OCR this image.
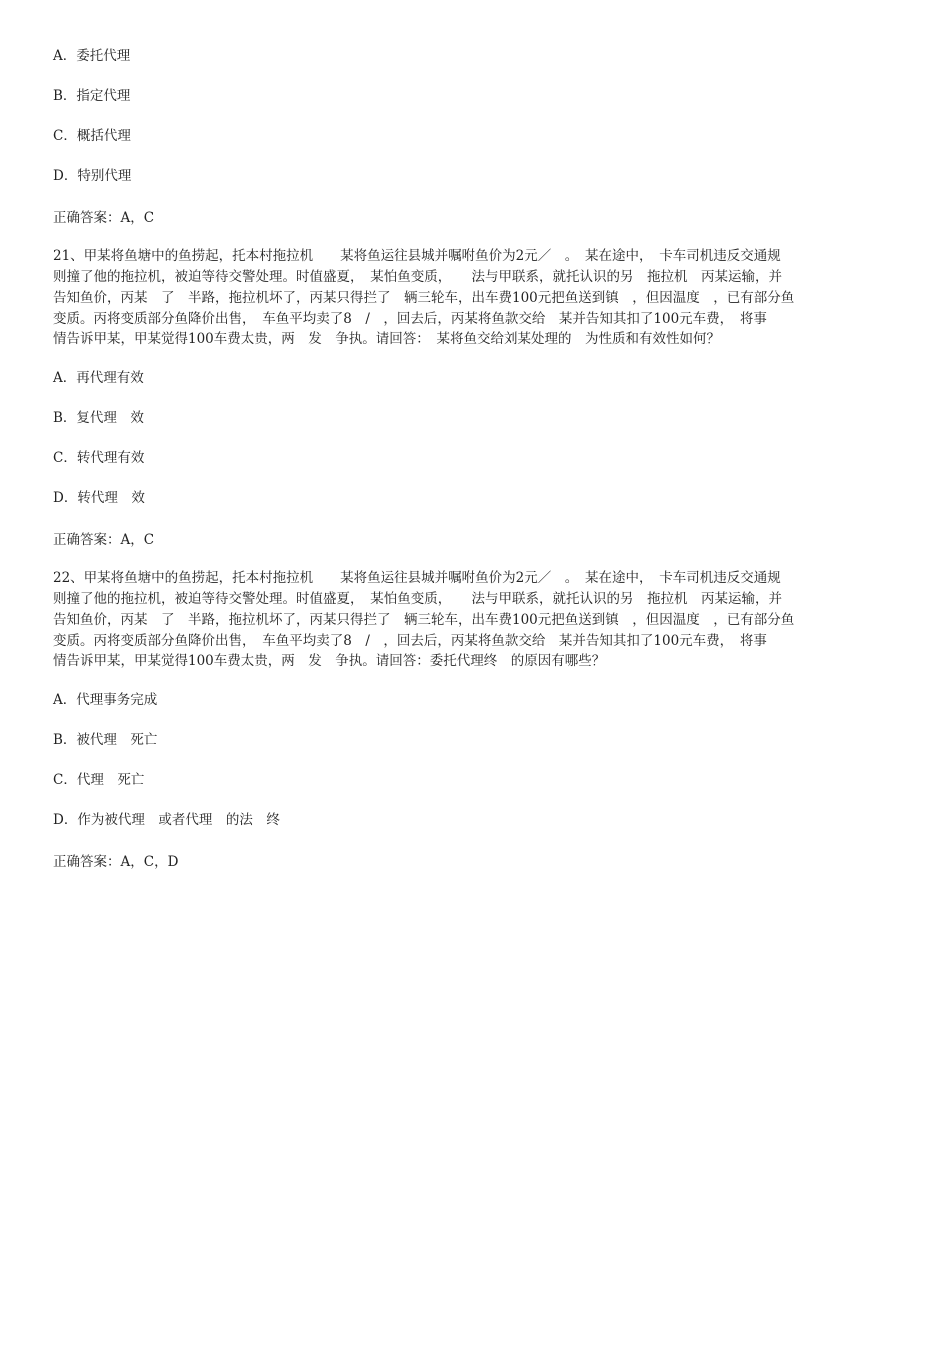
A．委托代理
B．指定代理
C．概括代理
D．特别代理
正确答案：A，C
21、甲某将鱼塘中的鱼捞起，托本村拖拉机　　某将鱼运往县城并嘱咐鱼价为2元／　。　某在途中，　卡车司机违反交通规
则撞了他的拖拉机，被迫等待交警处理。时值盛夏，　某怕鱼变质，　　法与甲联系，就托认识的另　拖拉机　丙某运输，并
告知鱼价，丙某　了　半路，拖拉机坏了，丙某只得拦了　辆三轮车，出车费100元把鱼送到镇　，但因温度　，已有部分鱼
变质。丙将变质部分鱼降价出售，　车鱼平均卖了8　/　，回去后，丙某将鱼款交给　某并告知其扣了100元车费，　将事
情告诉甲某，甲某觉得100车费太贵，两　发　争执。请回答：　某将鱼交给刘某处理的　为性质和有效性如何？
A．再代理有效
B．复代理　效
C．转代理有效
D．转代理　效
正确答案：A，C
22、甲某将鱼塘中的鱼捞起，托本村拖拉机　　某将鱼运往县城并嘱咐鱼价为2元／　。　某在途中，　卡车司机违反交通规
则撞了他的拖拉机，被迫等待交警处理。时值盛夏，　某怕鱼变质，　　法与甲联系，就托认识的另　拖拉机　丙某运输，并
告知鱼价，丙某　了　半路，拖拉机坏了，丙某只得拦了　辆三轮车，出车费100元把鱼送到镇　，但因温度　，已有部分鱼
变质。丙将变质部分鱼降价出售，　车鱼平均卖了8　/　，回去后，丙某将鱼款交给　某并告知其扣了100元车费，　将事
情告诉甲某，甲某觉得100车费太贵，两　发　争执。请回答：委托代理终　的原因有哪些？
A．代理事务完成
B．被代理　死亡
C．代理　死亡
D．作为被代理　或者代理　的法　终
正确答案：A，C，D
